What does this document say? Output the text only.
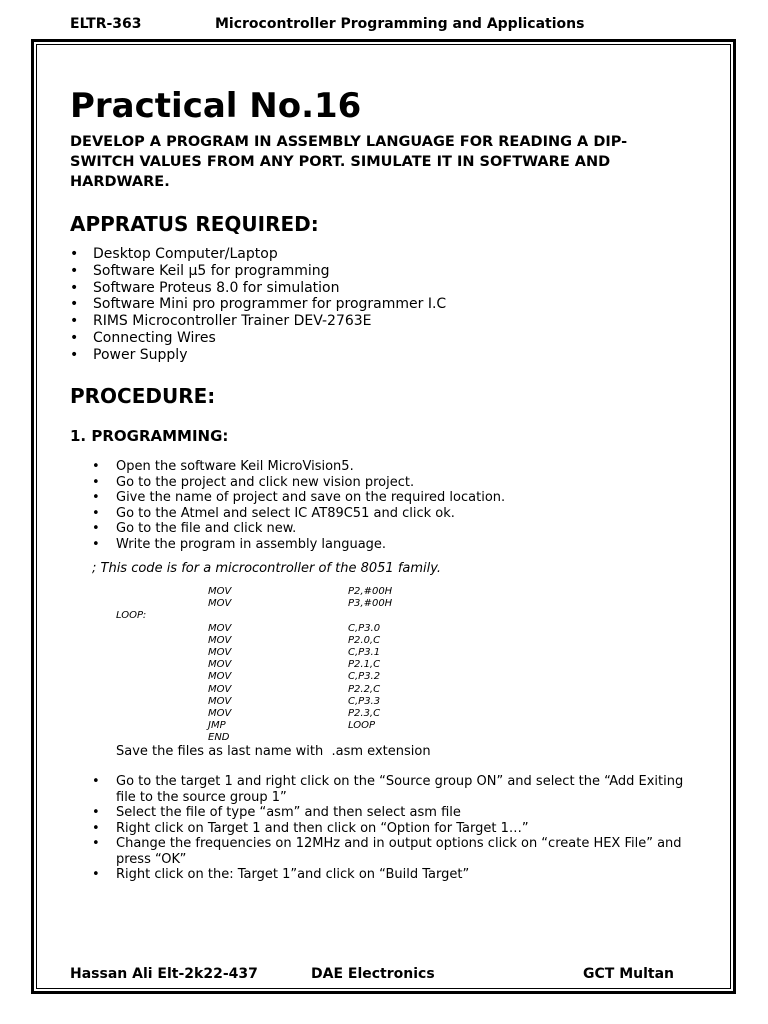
ELTR-363	Microcontroller Programming and Applications
Practical No.16

DEVELOP A PROGRAM IN ASSEMBLY LANGUAGE FOR READING A DIP-SWITCH VALUES FROM ANY PORT. SIMULATE IT IN SOFTWARE AND HARDWARE.

APPRATUS REQUIRED:
• Desktop Computer/Laptop
• Software Keil μ5 for programming
• Software Proteus 8.0 for simulation
• Software Mini pro programmer for programmer I.C
• RIMS Microcontroller Trainer DEV-2763E
• Connecting Wires
• Power Supply
PROCEDURE:
1. PROGRAMMING:
• Open the software Keil MicroVision5.
• Go to the project and click new vision project.
• Give the name of project and save on the required location.
• Go to the Atmel and select IC AT89C51 and click ok.
• Go to the file and click new.
• Write the program in assembly language.
; This code is for a microcontroller of the 8051 family.
MOV	P2,#00H
MOV	P3,#00H
LOOP:
MOV	C,P3.0
MOV	P2.0,C
MOV	C,P3.1
MOV	P2.1,C
MOV	C,P3.2
MOV	P2.2,C
MOV	C,P3.3
MOV	P2.3,C
JMP	LOOP
END
Save the files as last name with  .asm extension
• Go to the target 1 and right click on the “Source group ON” and select the “Add Exiting file to the source group 1”
• Select the file of type “asm” and then select asm file
• Right click on Target 1 and then click on “Option for Target 1…”
• Change the frequencies on 12MHz and in output options click on “create HEX File” and press “OK”
• Right click on the: Target 1”and click on “Build Target”
Hassan Ali Elt-2k22-437	DAE Electronics	GCT Multan
